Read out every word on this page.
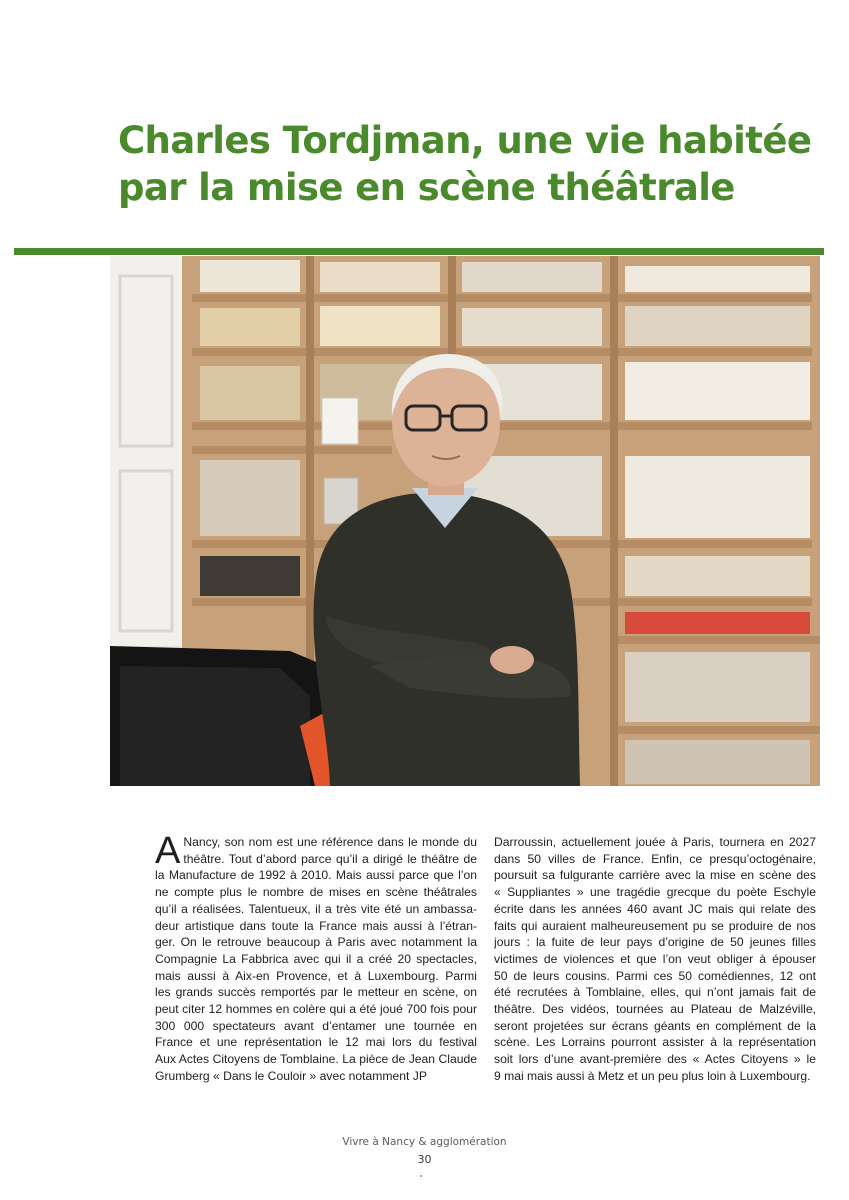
Charles Tordjman, une vie habitée
par la mise en scène théâtrale
A Nancy, son nom est une référence dans le monde du
théâtre. Tout d’abord parce qu’il a dirigé le théâtre de
la Manufacture de 1992 à 2010. Mais aussi parce que l’on
ne compte plus le nombre de mises en scène théâtrales
qu’il a réalisées. Talentueux, il a très vite été un ambassa-
deur artistique dans toute la France mais aussi à l’étran-
ger. On le retrouve beaucoup à Paris avec notamment la
Compagnie La Fabbrica avec qui il a créé 20 spectacles,
mais aussi à Aix-en Provence, et à Luxembourg. Parmi
les grands succès remportés par le metteur en scène, on
peut citer 12 hommes en colère qui a été joué 700 fois pour
300 000 spectateurs avant d’entamer une tournée en
France et une représentation le 12 mai lors du festival
Aux Actes Citoyens de Tomblaine. La pièce de Jean Claude
Grumberg « Dans le Couloir » avec notamment JP
Darroussin, actuellement jouée à Paris, tournera en 2027
dans 50 villes de France. Enfin, ce presqu’octogénaire,
poursuit sa fulgurante carrière avec la mise en scène des
« Suppliantes » une tragédie grecque du poète Eschyle
écrite dans les années 460 avant JC mais qui relate des
faits qui auraient malheureusement pu se produire de nos
jours : la fuite de leur pays d’origine de 50 jeunes filles
victimes de violences et que l’on veut obliger à épouser
50 de leurs cousins. Parmi ces 50 comédiennes, 12 ont
été recrutées à Tomblaine, elles, qui n’ont jamais fait de
théâtre. Des vidéos, tournées au Plateau de Malzéville,
seront projetées sur écrans géants en complément de la
scène. Les Lorrains pourront assister à la représentation
soit lors d’une avant-première des « Actes Citoyens » le
9 mai mais aussi à Metz et un peu plus loin à Luxembourg.
Vivre à Nancy & agglomération
30
